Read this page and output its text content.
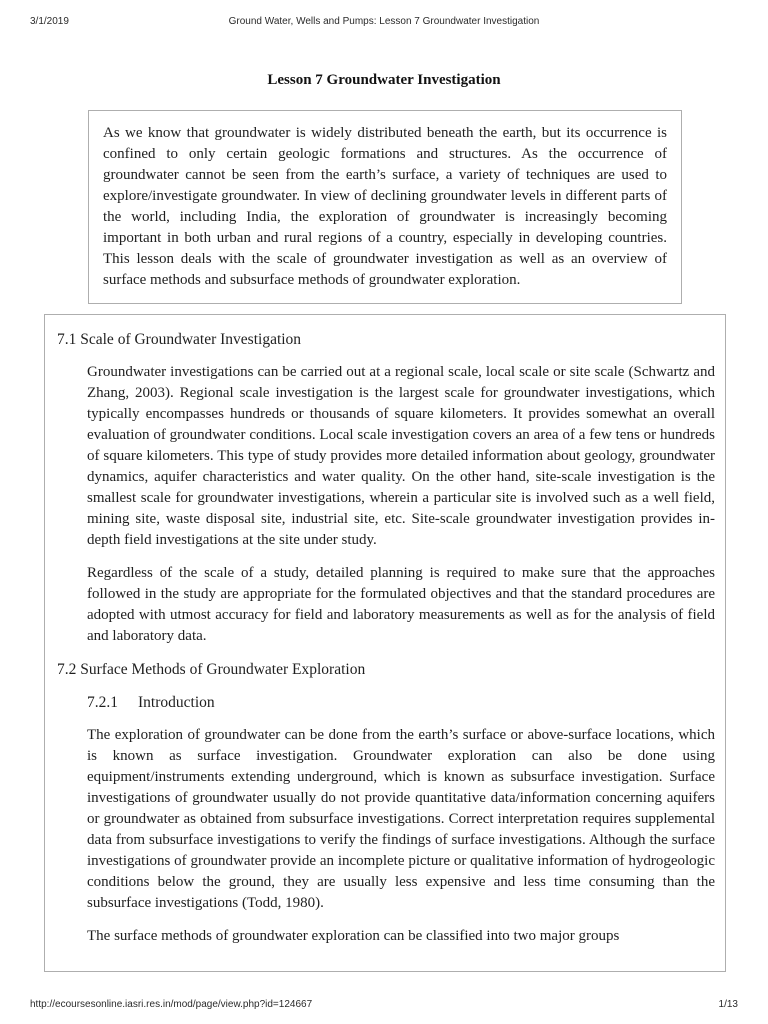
3/1/2019	Ground Water, Wells and Pumps: Lesson 7 Groundwater Investigation
Lesson 7 Groundwater Investigation

As we know that groundwater is widely distributed beneath the earth, but its occurrence is confined to only certain geologic formations and structures. As the occurrence of groundwater cannot be seen from the earth’s surface, a variety of techniques are used to explore/investigate groundwater. In view of declining groundwater levels in different parts of the world, including India, the exploration of groundwater is increasingly becoming important in both urban and rural regions of a country, especially in developing countries. This lesson deals with the scale of groundwater investigation as well as an overview of surface methods and subsurface methods of groundwater exploration.

7.1 Scale of Groundwater Investigation

Groundwater investigations can be carried out at a regional scale, local scale or site scale (Schwartz and Zhang, 2003). Regional scale investigation is the largest scale for groundwater investigations, which typically encompasses hundreds or thousands of square kilometers. It provides somewhat an overall evaluation of groundwater conditions. Local scale investigation covers an area of a few tens or hundreds of square kilometers. This type of study provides more detailed information about geology, groundwater dynamics, aquifer characteristics and water quality. On the other hand, site-scale investigation is the smallest scale for groundwater investigations, wherein a particular site is involved such as a well field, mining site, waste disposal site, industrial site, etc. Site-scale groundwater investigation provides in-depth field investigations at the site under study.

Regardless of the scale of a study, detailed planning is required to make sure that the approaches followed in the study are appropriate for the formulated objectives and that the standard procedures are adopted with utmost accuracy for field and laboratory measurements as well as for the analysis of field and laboratory data.

7.2 Surface Methods of Groundwater Exploration
7.2.1 Introduction

The exploration of groundwater can be done from the earth’s surface or above-surface locations, which is known as surface investigation. Groundwater exploration can also be done using equipment/instruments extending underground, which is known as subsurface investigation. Surface investigations of groundwater usually do not provide quantitative data/information concerning aquifers or groundwater as obtained from subsurface investigations. Correct interpretation requires supplemental data from subsurface investigations to verify the findings of surface investigations. Although the surface investigations of groundwater provide an incomplete picture or qualitative information of hydrogeologic conditions below the ground, they are usually less expensive and less time consuming than the subsurface investigations (Todd, 1980).

The surface methods of groundwater exploration can be classified into two major groups

http://ecoursesonline.iasri.res.in/mod/page/view.php?id=124667	1/13
